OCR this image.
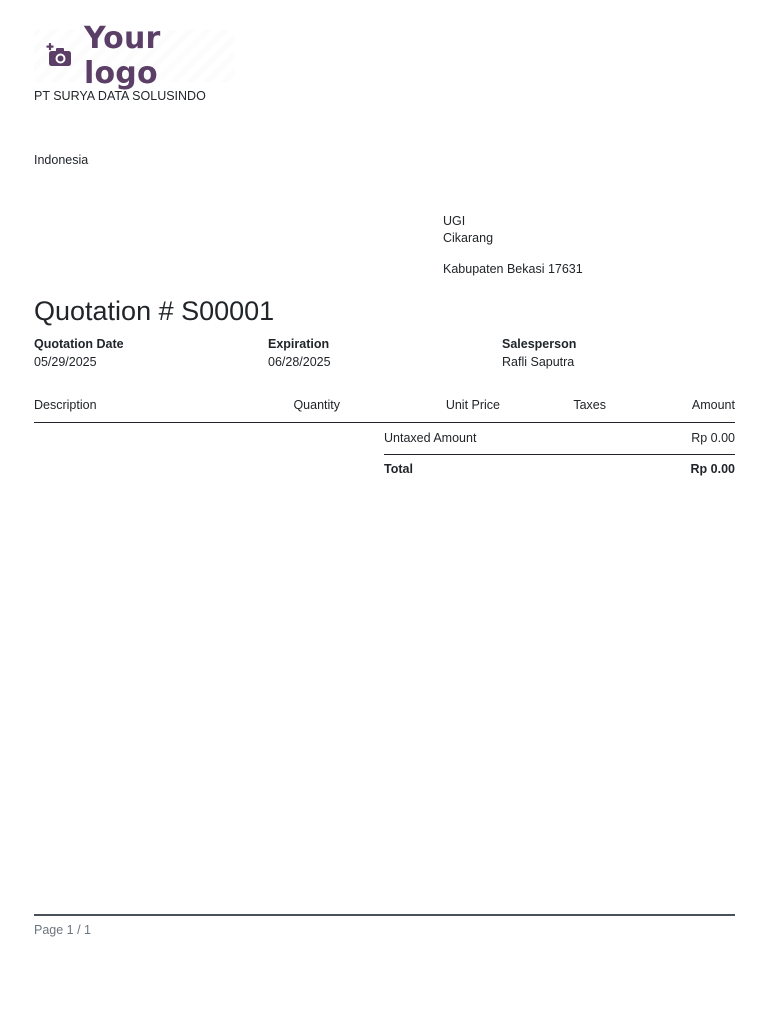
Your logo
PT SURYA DATA SOLUSINDO
Indonesia
UGI
Cikarang
Kabupaten Bekasi 17631
Quotation # S00001
Quotation Date
05/29/2025
Expiration
06/28/2025
Salesperson
Rafli Saputra
Description	Quantity	Unit Price	Taxes	Amount
Untaxed Amount	Rp 0.00
Total	Rp 0.00
Page 1 / 1
